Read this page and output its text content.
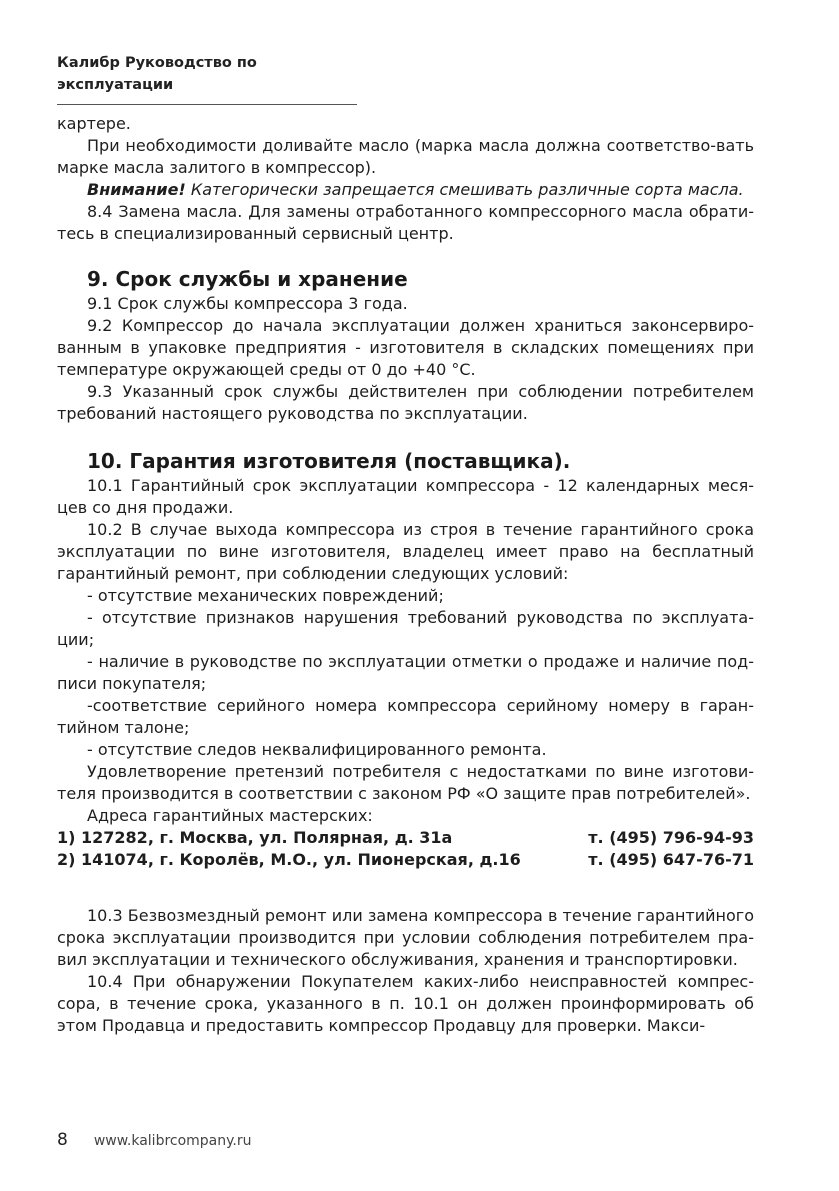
Калибр Руководство по эксплуатации

картере.

При необходимости доливайте масло (марка масла должна соответство-вать марке масла залитого в компрессор).

Внимание! Категорически запрещается смешивать различные сорта масла.

8.4 Замена масла. Для замены отработанного компрессорного масла обрати-тесь в специализированный сервисный центр.

9. Срок службы и хранение

9.1 Срок службы компрессора 3 года.

9.2 Компрессор до начала эксплуатации должен храниться законсервиро-ванным в упаковке предприятия - изготовителя в складских помещениях при температуре окружающей среды от 0 до +40 °C.

9.3 Указанный срок службы действителен при соблюдении потребителем требований настоящего руководства по эксплуатации.

10. Гарантия изготовителя (поставщика).

10.1 Гарантийный срок эксплуатации компрессора - 12 календарных меся-цев со дня продажи.

10.2 В случае выхода компрессора из строя в течение гарантийного срока эксплуатации по вине изготовителя, владелец имеет право на бесплатный гарантийный ремонт, при соблюдении следующих условий:

- отсутствие механических повреждений;

- отсутствие признаков нарушения требований руководства по эксплуата-ции;

- наличие в руководстве по эксплуатации отметки о продаже и наличие под-писи покупателя;

-соответствие серийного номера компрессора серийному номеру в гаран-тийном талоне;

- отсутствие следов неквалифицированного ремонта.

Удовлетворение претензий потребителя с недостатками по вине изготови-теля производится в соответствии с законом РФ «О защите прав потребителей».

Адреса гарантийных мастерских:

1) 127282, г. Москва, ул. Полярная, д. 31а	т. (495) 796-94-93
2) 141074, г. Королёв, М.О., ул. Пионерская, д.16	т. (495) 647-76-71

10.3 Безвозмездный ремонт или замена компрессора в течение гарантийного срока эксплуатации производится при условии соблюдения потребителем пра-вил эксплуатации и технического обслуживания, хранения и транспортировки.

10.4 При обнаружении Покупателем каких-либо неисправностей компрес-сора, в течение срока, указанного в п. 10.1 он должен проинформировать об этом Продавца и предоставить компрессор Продавцу для проверки. Макси-

8 www.kalibrcompany.ru
